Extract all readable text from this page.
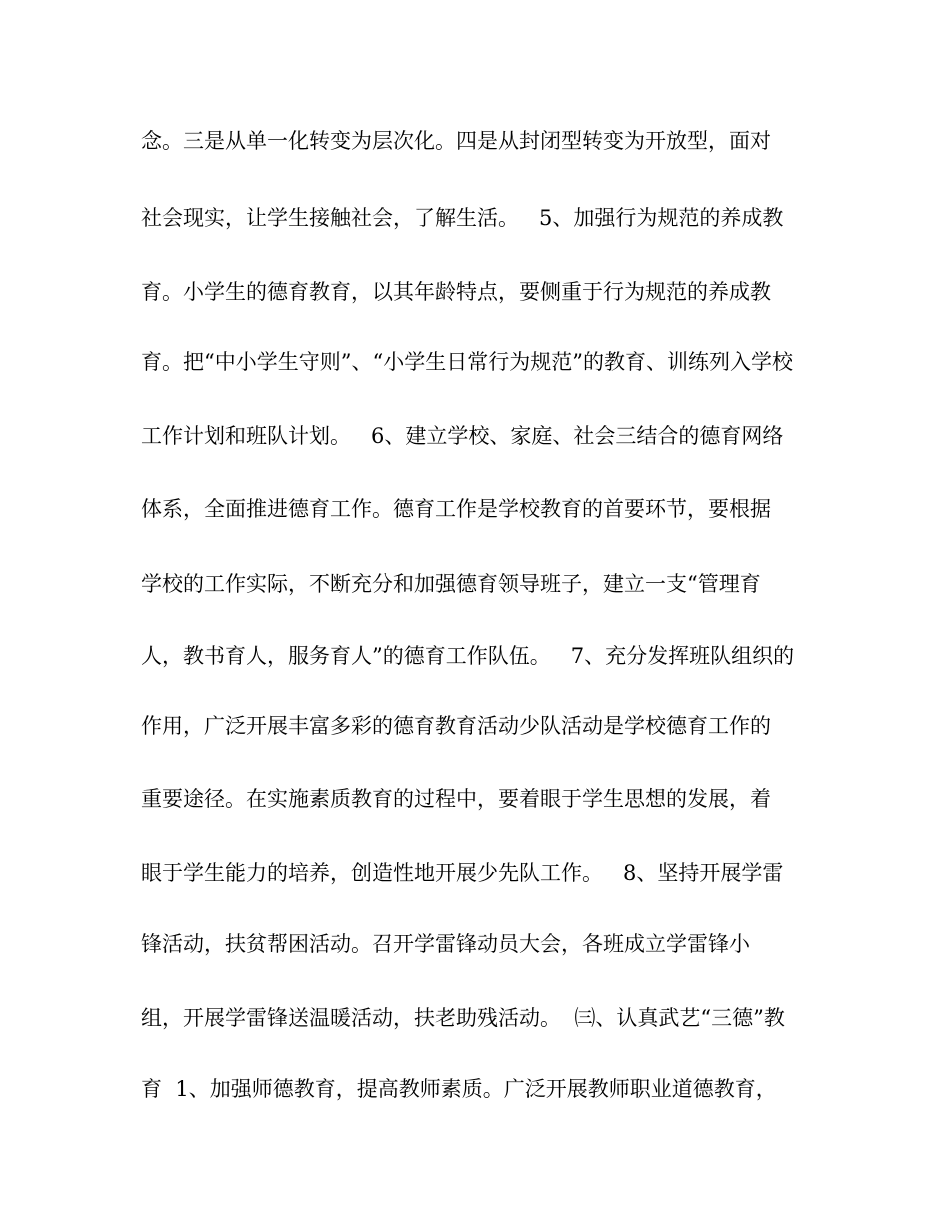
念。三是从单一化转变为层次化。四是从封闭型转变为开放型，面对
社会现实，让学生接触社会，了解生活。   5、加强行为规范的养成教
育。小学生的德育教育，以其年龄特点，要侧重于行为规范的养成教
育。把“中小学生守则”、“小学生日常行为规范”的教育、训练列入学校
工作计划和班队计划。   6、建立学校、家庭、社会三结合的德育网络
体系，全面推进德育工作。德育工作是学校教育的首要环节，要根据
学校的工作实际，不断充分和加强德育领导班子，建立一支“管理育
人，教书育人，服务育人”的德育工作队伍。   7、充分发挥班队组织的
作用，广泛开展丰富多彩的德育教育活动少队活动是学校德育工作的
重要途径。在实施素质教育的过程中，要着眼于学生思想的发展，着
眼于学生能力的培养，创造性地开展少先队工作。   8、坚持开展学雷
锋活动，扶贫帮困活动。召开学雷锋动员大会，各班成立学雷锋小
组，开展学雷锋送温暖活动，扶老助残活动。  ㈢、认真武艺“三德”教
育  1、加强师德教育，提高教师素质。广泛开展教师职业道德教育，
